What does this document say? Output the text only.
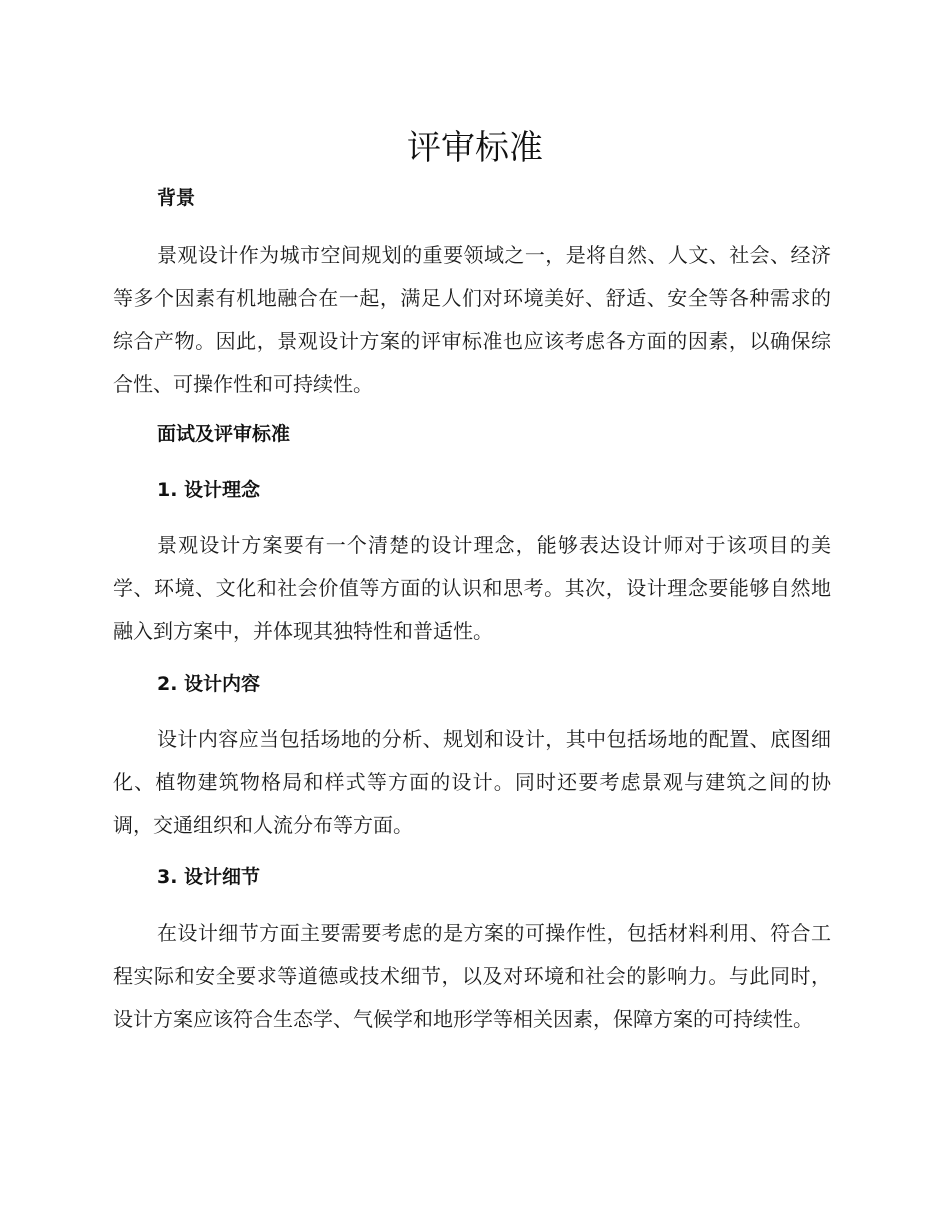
评审标准
背景

景观设计作为城市空间规划的重要领域之一，是将自然、人文、社会、经济等多个因素有机地融合在一起，满足人们对环境美好、舒适、安全等各种需求的综合产物。因此，景观设计方案的评审标准也应该考虑各方面的因素，以确保综合性、可操作性和可持续性。

面试及评审标准
1. 设计理念

景观设计方案要有一个清楚的设计理念，能够表达设计师对于该项目的美学、环境、文化和社会价值等方面的认识和思考。其次，设计理念要能够自然地融入到方案中，并体现其独特性和普适性。

2. 设计内容

设计内容应当包括场地的分析、规划和设计，其中包括场地的配置、底图细化、植物建筑物格局和样式等方面的设计。同时还要考虑景观与建筑之间的协调，交通组织和人流分布等方面。

3. 设计细节

在设计细节方面主要需要考虑的是方案的可操作性，包括材料利用、符合工程实际和安全要求等道德或技术细节，以及对环境和社会的影响力。与此同时，设计方案应该符合生态学、气候学和地形学等相关因素，保障方案的可持续性。
